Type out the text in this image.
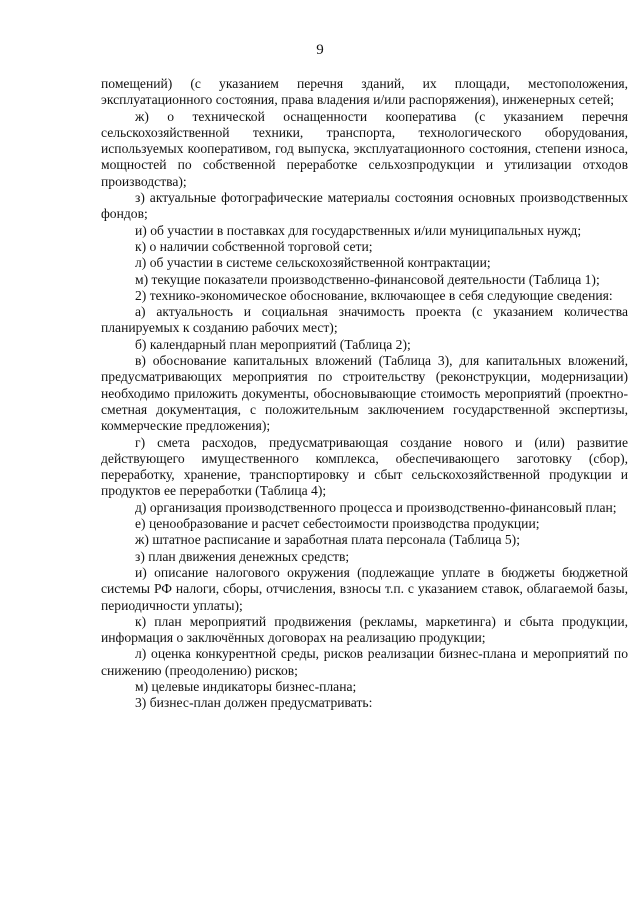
9

помещений) (с указанием перечня зданий, их площади, местоположения, эксплуатационного состояния, права владения и/или распоряжения), инженерных сетей;

ж) о технической оснащенности кооператива (с указанием перечня сельскохозяйственной техники, транспорта, технологического оборудования, используемых кооперативом, год выпуска, эксплуатационного состояния, степени износа, мощностей по собственной переработке сельхозпродукции и утилизации отходов производства);

з) актуальные фотографические материалы состояния основных производственных фондов;

и) об участии в поставках для государственных и/или муниципальных нужд;

к) о наличии собственной торговой сети;

л) об участии в системе сельскохозяйственной контрактации;

м) текущие показатели производственно-финансовой деятельности (Таблица 1);

2) технико-экономическое обоснование, включающее в себя следующие сведения:

а) актуальность и социальная значимость проекта (с указанием количества планируемых к созданию рабочих мест);

б) календарный план мероприятий (Таблица 2);

в) обоснование капитальных вложений (Таблица 3), для капитальных вложений, предусматривающих мероприятия по строительству (реконструкции, модернизации) необходимо приложить документы, обосновывающие стоимость мероприятий (проектно-сметная документация, с положительным заключением государственной экспертизы, коммерческие предложения);

г) смета расходов, предусматривающая создание нового и (или) развитие действующего имущественного комплекса, обеспечивающего заготовку (сбор), переработку, хранение, транспортировку и сбыт сельскохозяйственной продукции и продуктов ее переработки (Таблица 4);

д) организация производственного процесса и производственно-финансовый план;

е) ценообразование и расчет себестоимости производства продукции;

ж) штатное расписание и заработная плата персонала (Таблица 5);

з) план движения денежных средств;

и) описание налогового окружения (подлежащие уплате в бюджеты бюджетной системы РФ налоги, сборы, отчисления, взносы т.п. с указанием ставок, облагаемой базы, периодичности уплаты);

к) план мероприятий продвижения (рекламы, маркетинга) и сбыта продукции, информация о заключённых договорах на реализацию продукции;

л) оценка конкурентной среды, рисков реализации бизнес-плана и мероприятий по снижению (преодолению) рисков;

м) целевые индикаторы бизнес-плана;

3) бизнес-план должен предусматривать:
